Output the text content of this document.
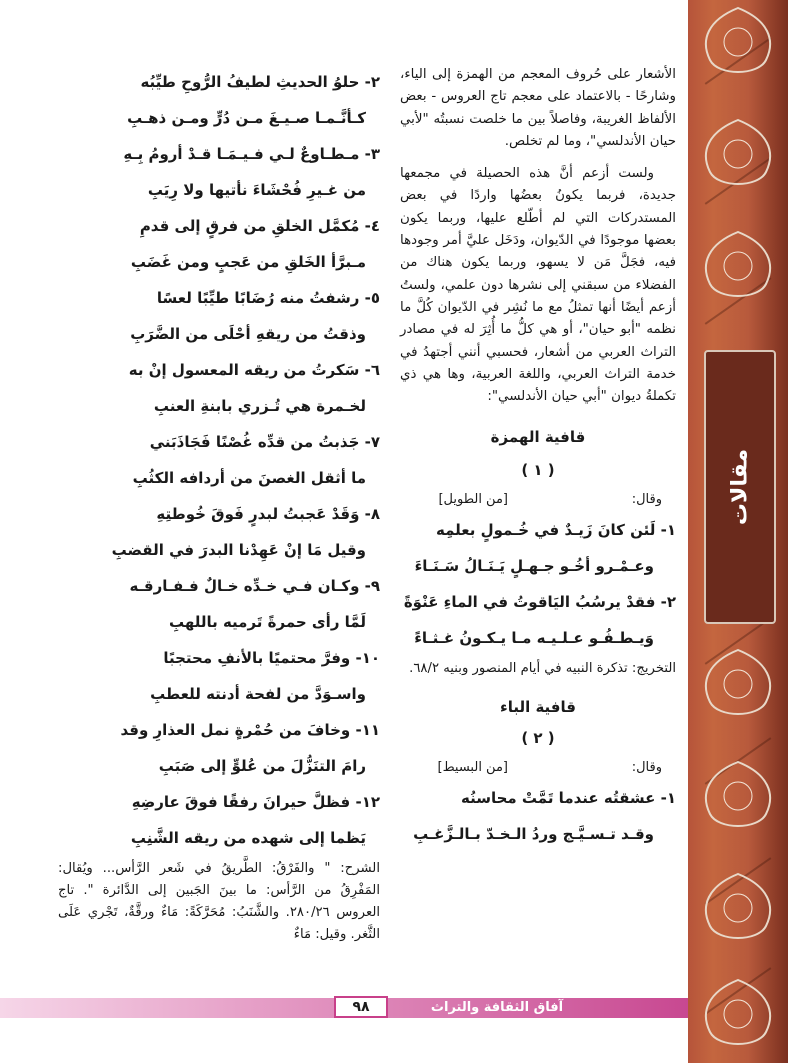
مقالات

الأشعار على حُروف المعجم من الهمزة إلى الياء، وشارحًا - بالاعتماد على معجم تاج العروس - بعض الألفاظ الغريبة، وفاصلاً بين ما خلصت نسبتُه "لأبي حيان الأندلسي"، وما لم تخلص.

ولست أزعم أنَّ هذه الحصيلة في مجمعها جديدة، فربما يكونُ بعضُها واردًا في بعض المستدركات التي لم أطّلع عليها، وربما يكون بعضها موجودًا في الدّيوان، ودَخَل عليَّ أمر وجودها فيه، فجَلَّ مَن لا يسهو، وربما يكون هناك من الفضلاء من سبقني إلى نشرها دون علمي، ولستُ أزعم أيضًا أنها تمثلُ مع ما نُشِر في الدّيوان كُلَّ ما نظمه "أبو حيان"، أو هي كلُّ ما أُثِرَ له في مصادر التراث العربي من أشعار، فحسبي أنني أجتهدُ في خدمة التراث العربي، واللغة العربية، وها هي ذي تكملةُ ديوان "أبي حيان الأندلسي":

قافية الهمزة

( ١ )

وقال:
[من الطويل]

١- لَئن كانَ زَيـدٌ في خُـمولٍ بعلمِه

وعـمْـرو أخُـو جـهـلٍ يَـنَـالُ سَـنَـاءَ

٢- فقدْ يرسُبُ اليَاقوتُ في الماءِ عَنْوَةً

وَيـطـفُـو عـلـيـه مـا يـكـونُ غـثـاءً

التخريج: تذكرة النبيه في أيام المنصور وبنيه ٦٨/٢.

قافية الباء

( ٢ )

وقال:
[من البسيط]

١- عشقتُه عندما تَمَّتْ محاسنُه

وقـد تـسـيَّـج وردُ الـخـدّ بـالـزَّغـبِ

٢- حلوُ الحديثِ لطيفُ الرُّوحِ طيِّبُه

كـأنَّـمـا صـيـغَ مـن دُرٍّ ومـن ذهـبِ

٣- مـطـاوعٌ لـي فـيـمَـا قـدْ أرومُ بِـهِ

من غـيرِ فُحْشَاءَ نأتيها ولا رِيَبِ

٤- مُكمَّل الخلقِ من فرقٍ إلى قدمِ

مـبرَّأ الخَلقِ من عَجبٍ ومن غَضَبِ

٥- رشفتُ منه رُضَابًا طيِّبًا لعسًا

وذقتُ من ريقهِ أحْلَى من الضَّرَبِ

٦- سَكرتُ من ريقه المعسول إنْ به

لخـمرة هي تُـزري بابنةِ العنبِ

٧- جَذبتُ من قدِّه غُصْنًا فَجَاذَبَني

ما أثقل الغصنَ من أردافه الكثُبِ

٨- وَقَدْ عَجبتُ لبدرٍ فَوقَ خُوطتِهِ

وقيل مَا إنْ عَهِدْنا البدرَ في القضبِ

٩- وكـان فـي خـدِّه خـالٌ فـفـارقـه

لَمَّا رأى حمرةً تَرميه باللهبِ

١٠- وفرَّ محتميًا بالأنفِ محتجبًا

واسـوَدَّ من لفحة أدنته للعطبِ

١١- وخافَ من حُمْرةٍ نمل العذارِ وقد

رامَ التنَزُّلَ من عُلوٍّ إلى صَبَبِ

١٢- فظلَّ حيرانَ رفقًا فوقَ عارضِهِ

يَظما إلى شهده من ريقه الشَّنِبِ

الشرح: " والفَرْقُ: الطَّريقُ في شَعر الرَّأس... ويُقال: المَفْرِقُ من الرَّأس: ما بينَ الجَبين إلى الدَّائرة ". تاج العروس ٢٨٠/٢٦. والشَّنَبُ: مُحَرَّكَةً: مَاءٌ ورقَّةٌ، تَجْري عَلَى الثَّغر. وقيل: مَاءٌ

آفاق الثقافة والتراث
٩٨
